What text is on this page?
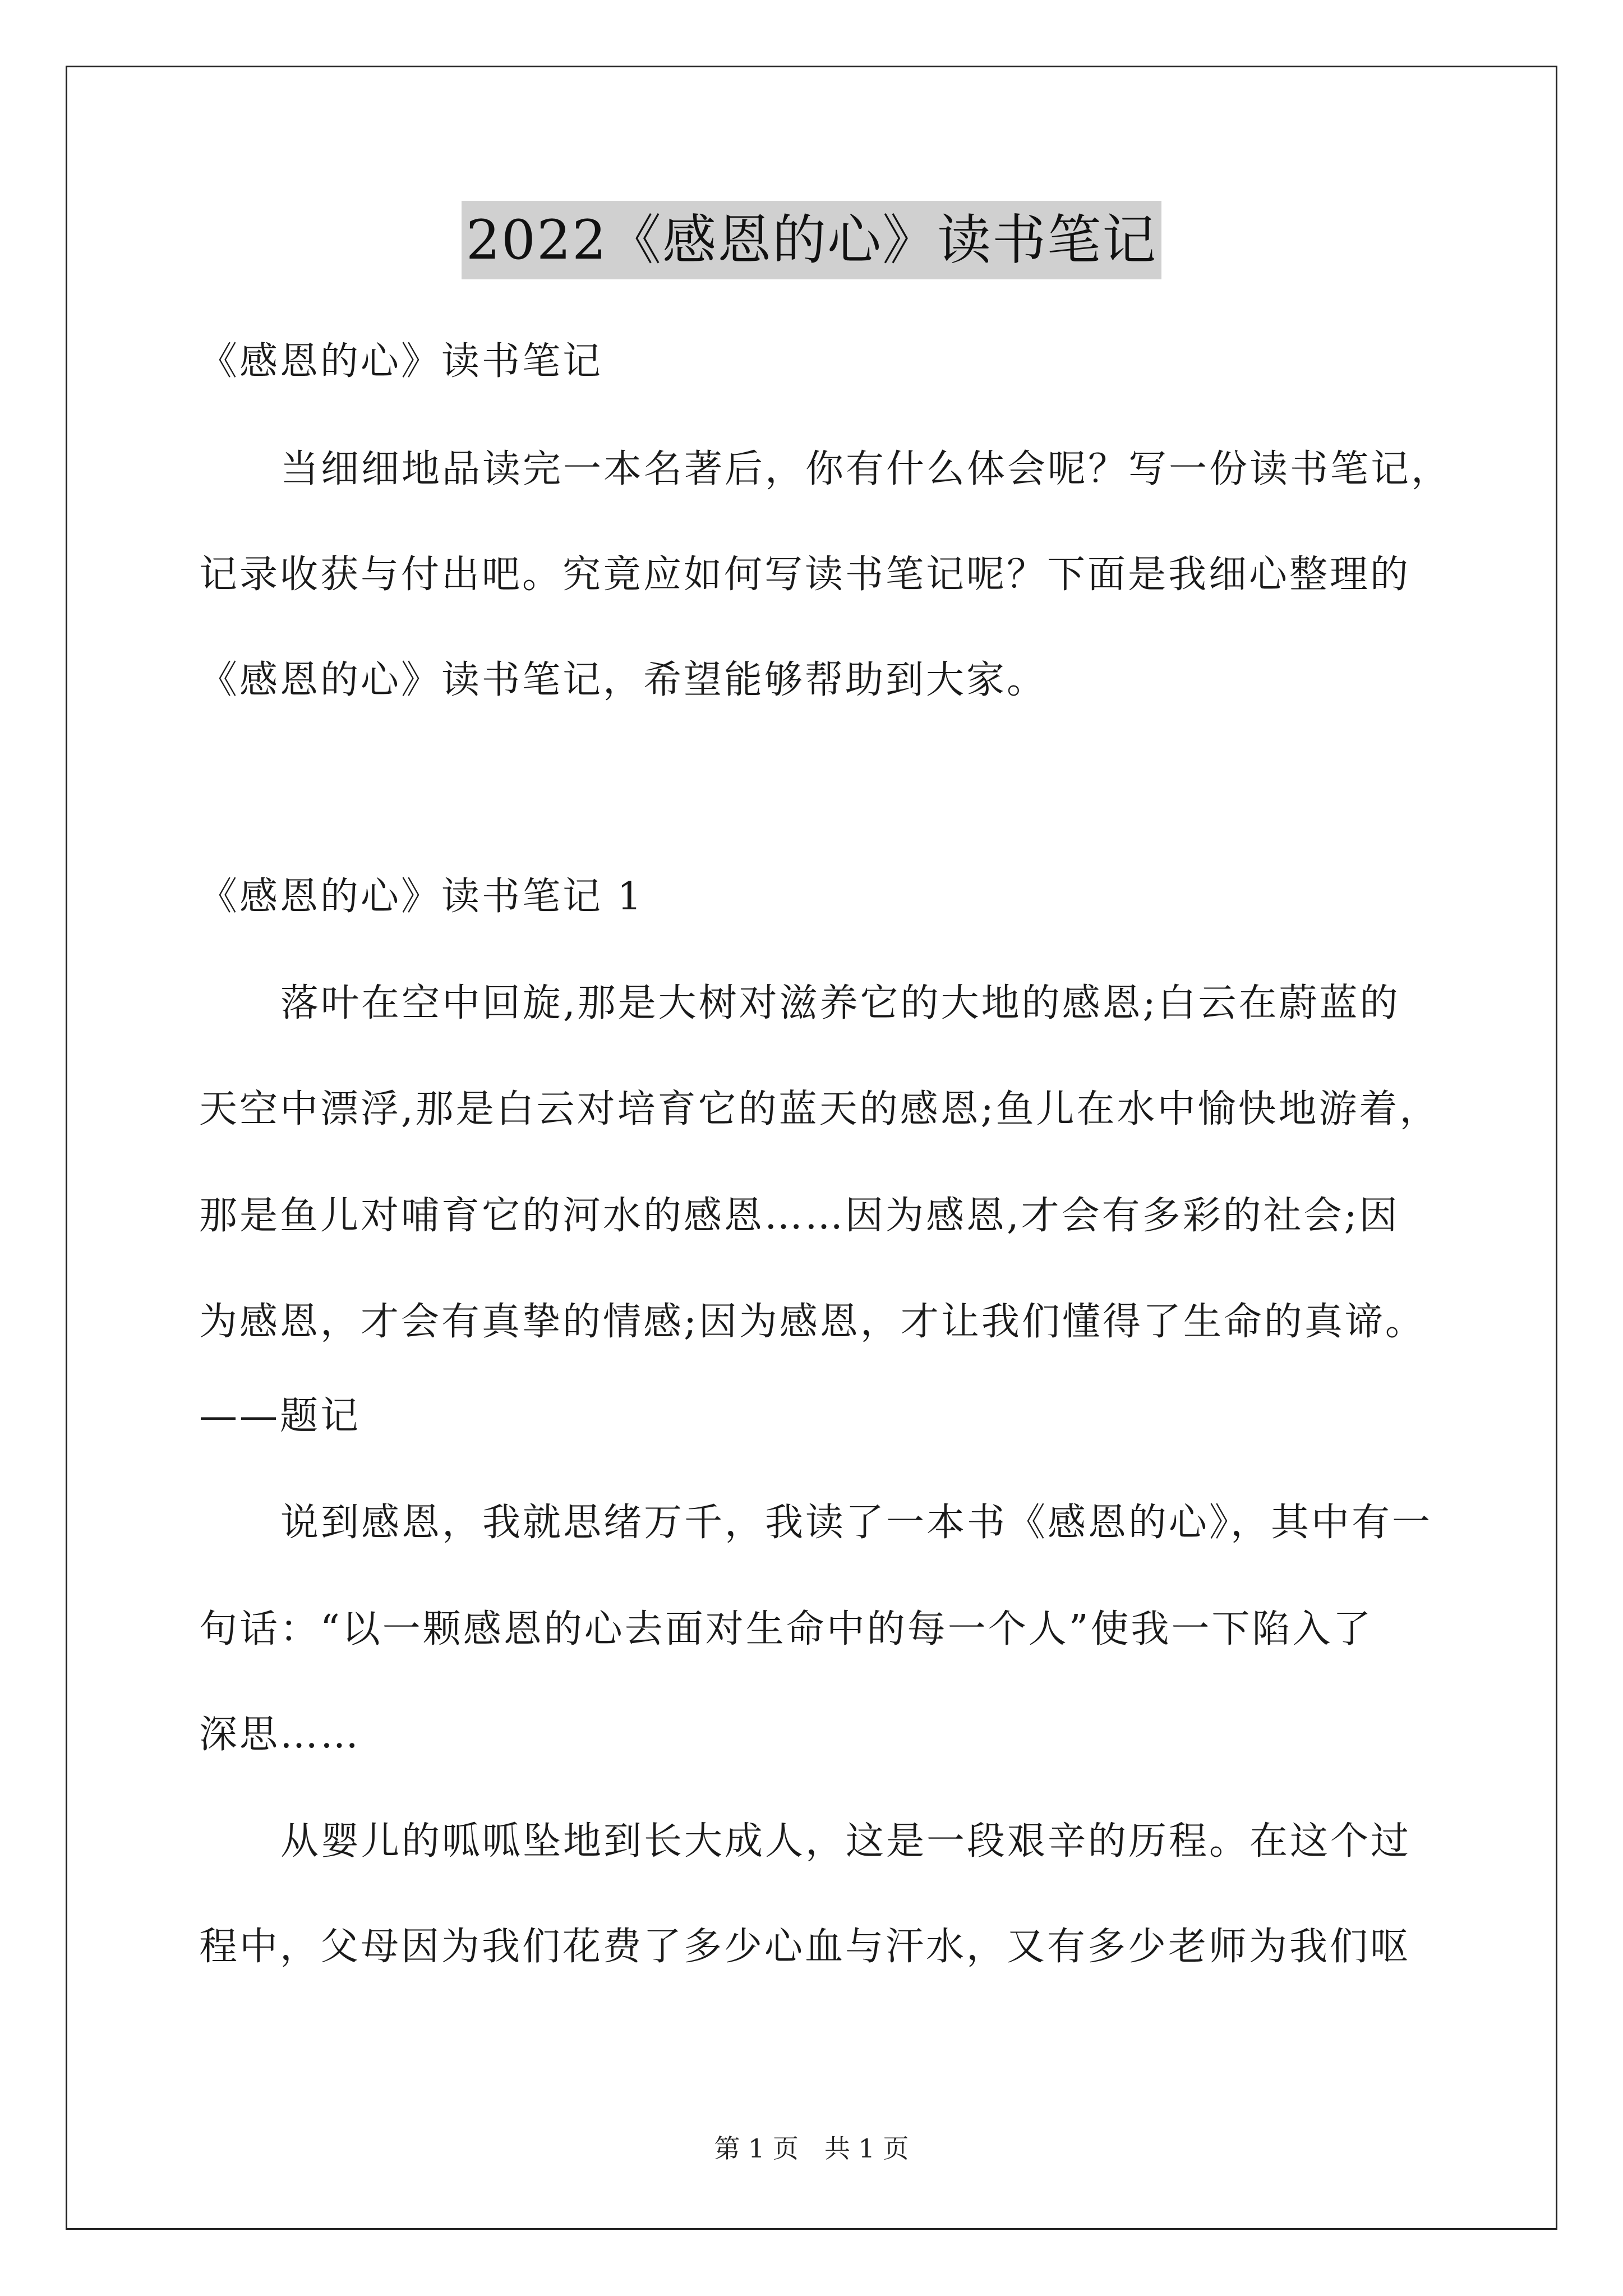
2022《感恩的心》读书笔记
《感恩的心》读书笔记
当细细地品读完一本名著后，你有什么体会呢？写一份读书笔记，
记录收获与付出吧。究竟应如何写读书笔记呢？下面是我细心整理的
《感恩的心》读书笔记，希望能够帮助到大家。
《感恩的心》读书笔记 1
落叶在空中回旋,那是大树对滋养它的大地的感恩;白云在蔚蓝的
天空中漂浮,那是白云对培育它的蓝天的感恩;鱼儿在水中愉快地游着，
那是鱼儿对哺育它的河水的感恩……因为感恩,才会有多彩的社会;因
为感恩，才会有真挚的情感;因为感恩，才让我们懂得了生命的真谛。
——题记
说到感恩，我就思绪万千，我读了一本书《感恩的心》，其中有一
句话：“以一颗感恩的心去面对生命中的每一个人”使我一下陷入了
深思……
从婴儿的呱呱坠地到长大成人，这是一段艰辛的历程。在这个过
程中，父母因为我们花费了多少心血与汗水，又有多少老师为我们呕
第 1 页　共 1 页
